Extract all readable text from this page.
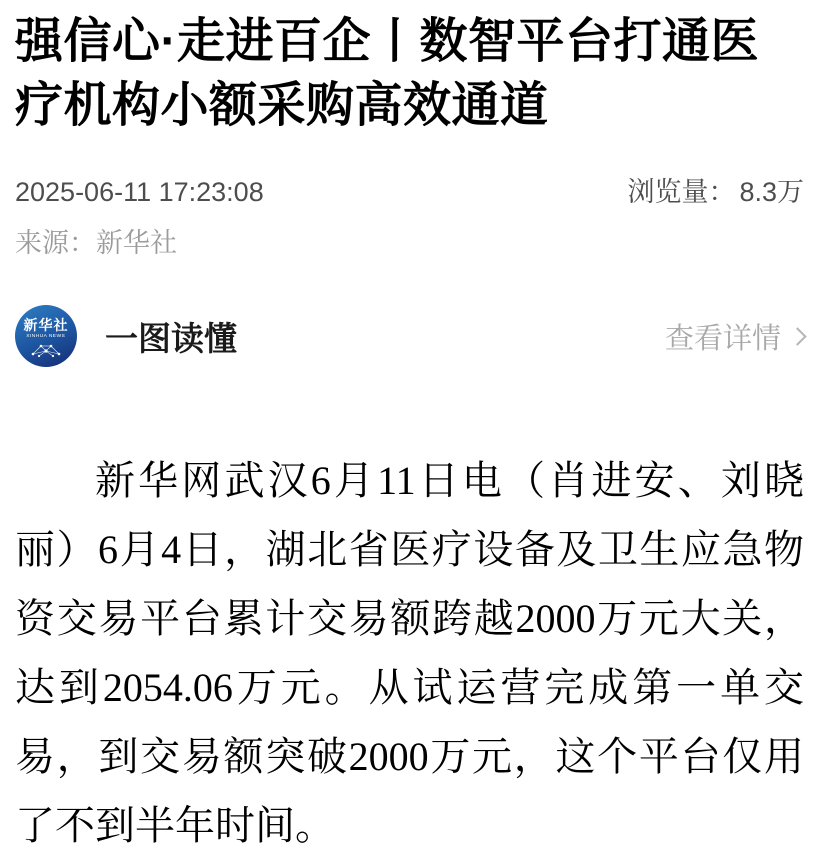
强信心·走进百企丨数智平台打通医疗机构小额采购高效通道
2025-06-11 17:23:08	浏览量： 8.3万
来源：新华社
新华社
XINHUA NEWS 一图读懂	查看详情

新华网武汉6月11日电（肖进安、刘晓丽）6月4日，湖北省医疗设备及卫生应急物资交易平台累计交易额跨越2000万元大关，达到2054.06万元。从试运营完成第一单交易，到交易额突破2000万元，这个平台仅用了不到半年时间。
